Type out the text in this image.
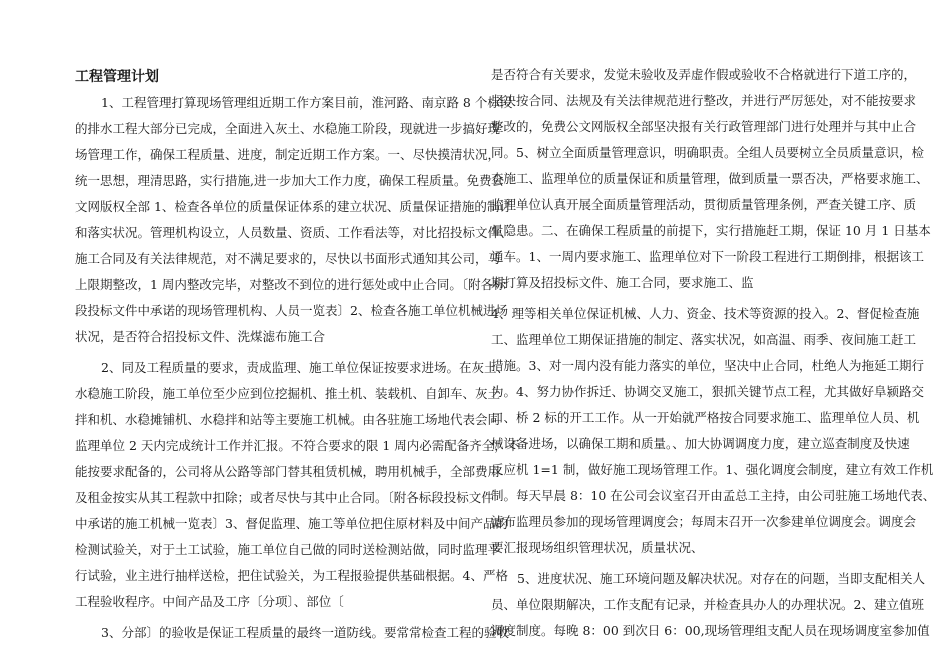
工程管理计划
1、工程管理打算现场管理组近期工作方案目前，淮河路、南京路 8 个标段
的排水工程大部分已完成，全面进入灰土、水稳施工阶段，现就进一步搞好现
场管理工作，确保工程质量、进度，制定近期工作方案。一、尽快摸清状况，
统一思想，理清思路，实行措施,进一步加大工作力度，确保工程质量。免费公
文网版权全部 1、检查各单位的质量保证体系的建立状况、质量保证措施的制订
和落实状况。管理机构设立，人员数量、资质、工作看法等，对比招投标文件、
施工合同及有关法律规范，对不满足要求的，尽快以书面形式通知其公司，马
上限期整改，1 周内整改完毕，对整改不到位的进行惩处或中止合同。〔附各标
段投标文件中承诺的现场管理机构、人员一览表〕2、检查各施工单位机械进场
状况，是否符合招投标文件、洗煤滤布施工合
2、同及工程质量的要求，责成监理、施工单位保证按要求进场。在灰土、
水稳施工阶段，施工单位至少应到位挖掘机、推土机、装载机、自卸车、灰土
拌和机、水稳摊铺机、水稳拌和站等主要施工机械。由各驻施工场地代表会同
监理单位 2 天内完成统计工作并汇报。不符合要求的限 1 周内必需配备齐全，不
能按要求配备的，公司将从公路等部门替其租赁机械，聘用机械手，全部费用
及租金按实从其工程款中扣除；或者尽快与其中止合同。〔附各标段投标文件
中承诺的施工机械一览表〕3、督促监理、施工等单位把住原材料及中间产品的
检测试验关，对于土工试验，施工单位自己做的同时送检测站做，同时监理平
行试验，业主进行抽样送检，把住试验关，为工程报验提供基础根据。4、严格
工程验收程序。中间产品及工序〔分项〕、部位〔
3、分部〕的验收是保证工程质量的最终一道防线。要常常检查工程的验收
是否符合有关要求，发觉未验收及弄虚作假或验收不合格就进行下道工序的，
坚决按合同、法规及有关法律规范进行整改，并进行严厉惩处，对不能按要求
整改的，免费公文网版权全部坚决报有关行政管理部门进行处理并与其中止合
同。5、树立全面质量管理意识，明确职责。全组人员要树立全员质量意识，检
查施工、监理单位的质量保证和质量管理，做到质量一票否决，严格要求施工、
监理单位认真开展全面质量管理活动，贯彻质量管理条例，严查关键工序、质
量隐患。二、在确保工程质量的前提下，实行措施赶工期，保证 10 月 1 日基本
通车。1、一周内要求施工、监理单位对下一阶段工程进行工期倒排，根据该工
期打算及招投标文件、施工合同，要求施工、监
4、理等相关单位保证机械、人力、资金、技术等资源的投入。2、督促检查施
工、监理单位工期保证措施的制定、落实状况，如高温、雨季、夜间施工赶工
措施。3、对一周内没有能力落实的单位，坚决中止合同，杜绝人为拖延工期行
为。4、努力协作拆迁、协调交叉施工，狠抓关键节点工程，尤其做好阜颍路交
口、桥 2 标的开工工作。从一开始就严格按合同要求施工、监理单位人员、机
械设备进场，以确保工期和质量。、加大协调调度力度，建立巡查制度及快速
反应机 1=1 制，做好施工现场管理工作。1、强化调度会制度，建立有效工作机
制。每天早晨 8：10 在公司会议室召开由孟总工主持，由公司驻施工场地代表、
滤布监理员参加的现场管理调度会；每周末召开一次参建单位调度会。调度会
要汇报现场组织管理状况，质量状况、
5、进度状况、施工环境问题及解决状况。对存在的问题，当即支配相关人
员、单位限期解决，工作支配有记录，并检查具办人的办理状况。2、建立值班
调度制度。每晚 8：00 到次日 6：00,现场管理组支配人员在现场调度室参加值
